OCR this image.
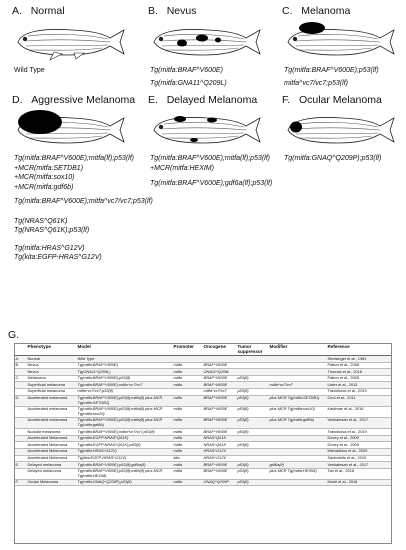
A. Normal
Wild Type
B. Nevus
Tg(mitfa:BRAF^V600E)
Tg(mitfa:GNA11^Q209L)
C. Melanoma
Tg(mitfa:BRAF^V600E);p53(lf)
mitfa^vc7/vc7;p53(lf)
D. Aggressive Melanoma
Tg(mitfa:BRAF^V600E);mitfa(lf);p53(lf)
+MCR(mitfa:SETDB1)
+MCR(mitfa:sox10)
+MCR(mitfa:gdf6b)
Tg(mitfa:BRAF^V600E);mitfa^vc7/vc7;p53(lf)
Tg(NRAS^Q61K)
Tg(NRAS^Q61K);p53(lf)
Tg(mitfa:HRAS^G12V)
Tg(kita:EGFP-HRAS^G12V)
E. Delayed Melanoma
Tg(mitfa:BRAF^V600E);mitfa(lf);p53(lf)
+MCR(mitfa:HEXIM)
Tg(mitfa:BRAF^V600E);gdf6a(lf);p53(lf)
F. Ocular Melanoma
Tg(mitfa:GNAQ^Q209P);p53(lf)
G.
	Phenotype	Model	Promoter	Oncogene	Tumor suppressor	Modifier	Reference
A.	Normal	Wild Type					Streisinger et al., 1981
B.	Nevus	Tg(mitfa:BRAF^V600E)	mitfa	BRAF^V600E			Patton et al., 2005
	Nevus	Tg(GNA11^Q209L)	mitfa	GNA11^Q209L			Thomas et al., 2016
C.	Melanoma	Tg(mitfa:BRAF^V600E);p53(lf)	mitfa	BRAF^V600E	p53(lf)		Patton et al., 2005
	Superficial melanoma	Tg(mitfa:BRAF^V600E);mitfa^vc7/vc7	mitfa	BRAF^V600E		mitfa^vc7/vc7	Lister et al., 2013
	Superficial melanoma	mitfa^vc7/vc7;p53(lf)		mitfa^vc7/vc7	p53(lf)		Travnikova et al., 2019
D.	Accelerated melanoma	Tg(mitfa:BRAF^V600E);p53(lf);mitfa(lf) plus MCR Tg(mitfa:SETDB1)	mitfa	BRAF^V600E	p53(lf)	plus MCR Tg(mitfa:SETDB1)	Ceol et al., 2011
	Accelerated melanoma	Tg(mitfa:BRAF^V600E);p53(lf);mitfa(lf) plus MCR Tg(mitfa:sox10)	mitfa	BRAF^V600E	p53(lf)	plus MCR Tg(mitfa:sox10)	Kaufman et al., 2016
	Accelerated melanoma	Tg(mitfa:BRAF^V600E);p53(lf);mitfa(lf) plus MCR Tg(mitfa:gdf6b)	mitfa	BRAF^V600E	p53(lf)	plus MCR Tg(mitfa:gdf6b)	Venkatesan et al., 2017
	Nodular melanoma	Tg(mitfa:BRAF^V600E);mitfa^vc7/vc7;p53(lf)	mitfa	BRAF^V600E	p53(lf)		Travnikova et al., 2019
	Accelerated Melanoma	Tg(mitfa:EGFP:NRAS^Q61K)	mitfa	NRAS^Q61K			Dovey et al., 2009
	Accelerated Melanoma	Tg(mitfa:EGFP:NRAS^Q61K);p53(lf)	mitfa	NRAS^Q61K	p53(lf)		Dovey et al., 2009
	Accelerated Melanoma	Tg(mitfa:HRAS^G12V)	mitfa	HRAS^G12V			Michailidou et al., 2009
	Accelerated Melanoma	Tg(kita:EGFP-HRAS^G12V)	kita	HRAS^G12V			Santoriello et al., 2010
E.	Delayed melanoma	Tg(mitfa:BRAF^V600E);p53(lf);gdf6a(lf)	mitfa	BRAF^V600E	p53(lf)	gdf6a(lf)	Venkatesan et al., 2017
	Delayed melanoma	Tg(mitfa:BRAF^V600E);p53(lf);mitfa(lf) plus MCR Tg(mitfa:HEXIM)	mitfa	BRAF^V600E	p53(lf)	plus MCR Tg(mitfa:HEXIM)	Tan et al., 2016
F.	Ocular Melanoma	Tg(mitfa:GNAQ^Q209P);p53(lf)	mitfa	GNAQ^Q209P	p53(lf)		Mouti et al., 2016
